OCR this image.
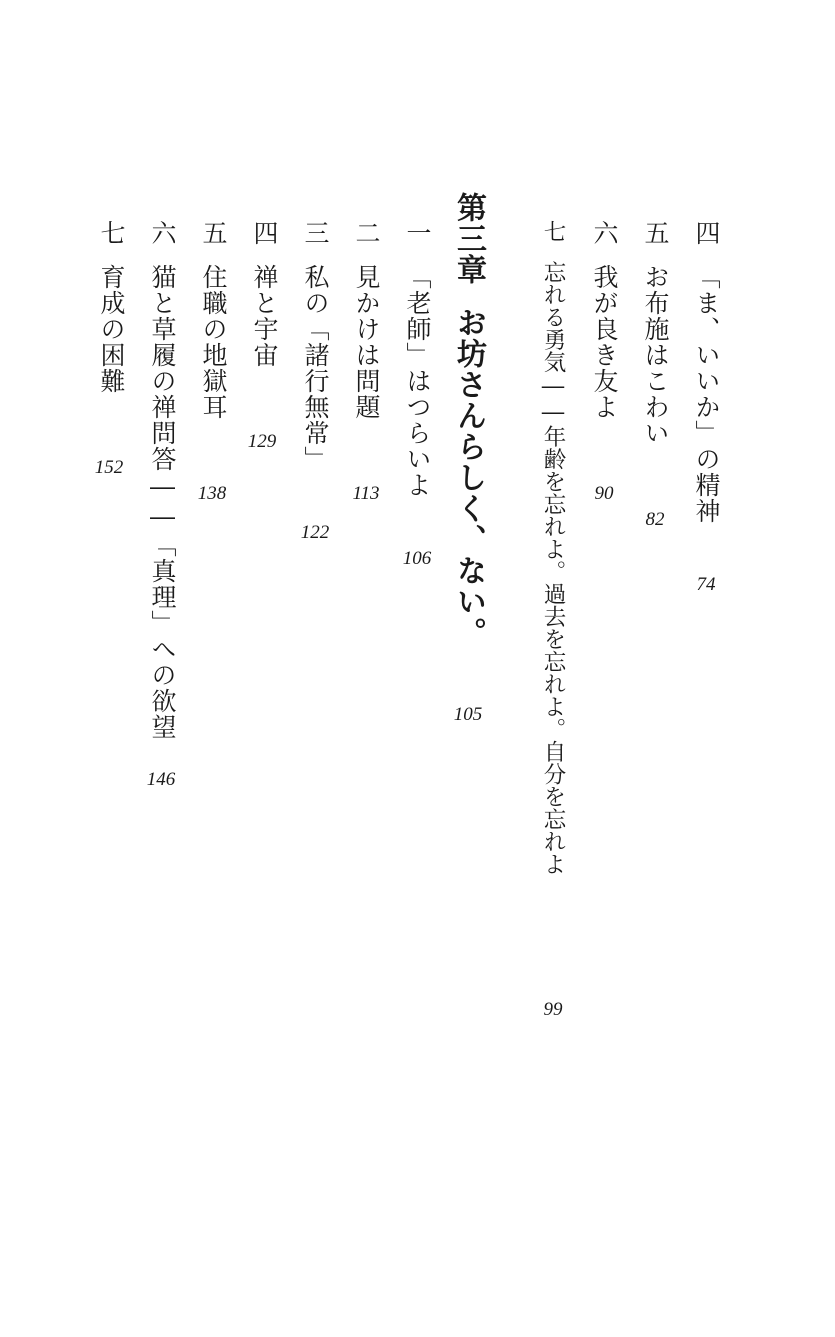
四「ま、いいか」の精神
74
五お布施はこわい
82
六我が良き友よ
90
七忘れる勇気――年齢を忘れよ。過去を忘れよ。自分を忘れよ
99
第三章お坊さんらしく、ない。
105
一「老師」はつらいよ
106
二見かけは問題
113
三私の「諸行無常」
122
四禅と宇宙
129
五住職の地獄耳
138
六猫と草履の禅問答――「真理」への欲望
146
七育成の困難
152
